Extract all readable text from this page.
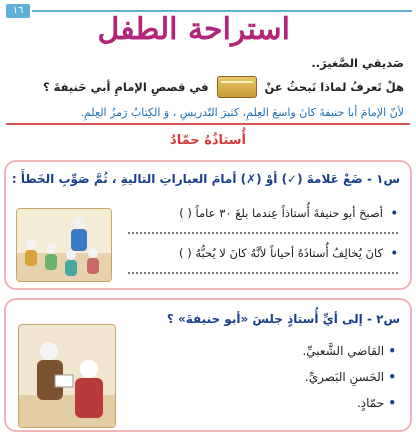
١٦
استراحة الطفل
صَديقي الصَّغيرَ..
هلْ تَعرفُ لماذا نَبحثُ عنْ
في قصصِ الإمامِ أبي حَنيفةَ ؟
لأنّ الإمامَ أبا حنيفةَ كانَ واسعَ العِلمِ، كثيرَ التّدريسِ ، وَ الكِتابُ رَمزُ العِلمِ.
أُستاذُهُ حمّادُ
س١ - ضَعْ عَلامةَ (✓) أوْ (✗) أمامَ العباراتِ التاليةِ ، ثُمَّ صَوِّبِ الخَطأَ :
• أصبحَ أبو حنيفةَ أُستاذاً عِندما بلغَ ٣٠ عاماً ( )
• كانَ يُخالِفُ أُستاذَهُ أحياناً لأنَّهُ كانَ لا يُحبُّهُ ( )
س٢ - إلى أيِّ أُستاذٍ جلسَ «أبو حنيفةَ» ؟
• القاضي الشَّعبيِّ.
• الحَسنِ البَصريِّ.
• حمّادٍ.
